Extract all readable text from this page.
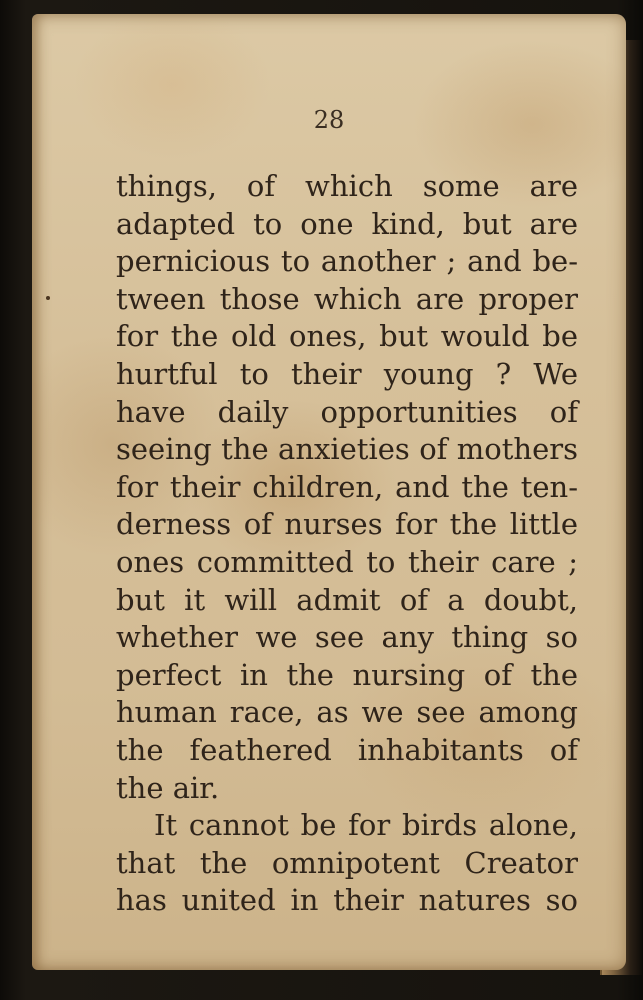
28

things, of which some are
adapted to one kind, but are
pernicious to another ; and be-
tween those which are proper
for the old ones, but would be
hurtful to their young ? We
have daily opportunities of
seeing the anxieties of mothers
for their children, and the ten-
derness of nurses for the little
ones committed to their care ;
but it will admit of a doubt,
whether we see any thing so
perfect in the nursing of the
human race, as we see among
the feathered inhabitants of
the air.
It cannot be for birds alone,
that the omnipotent Creator
has united in their natures so
